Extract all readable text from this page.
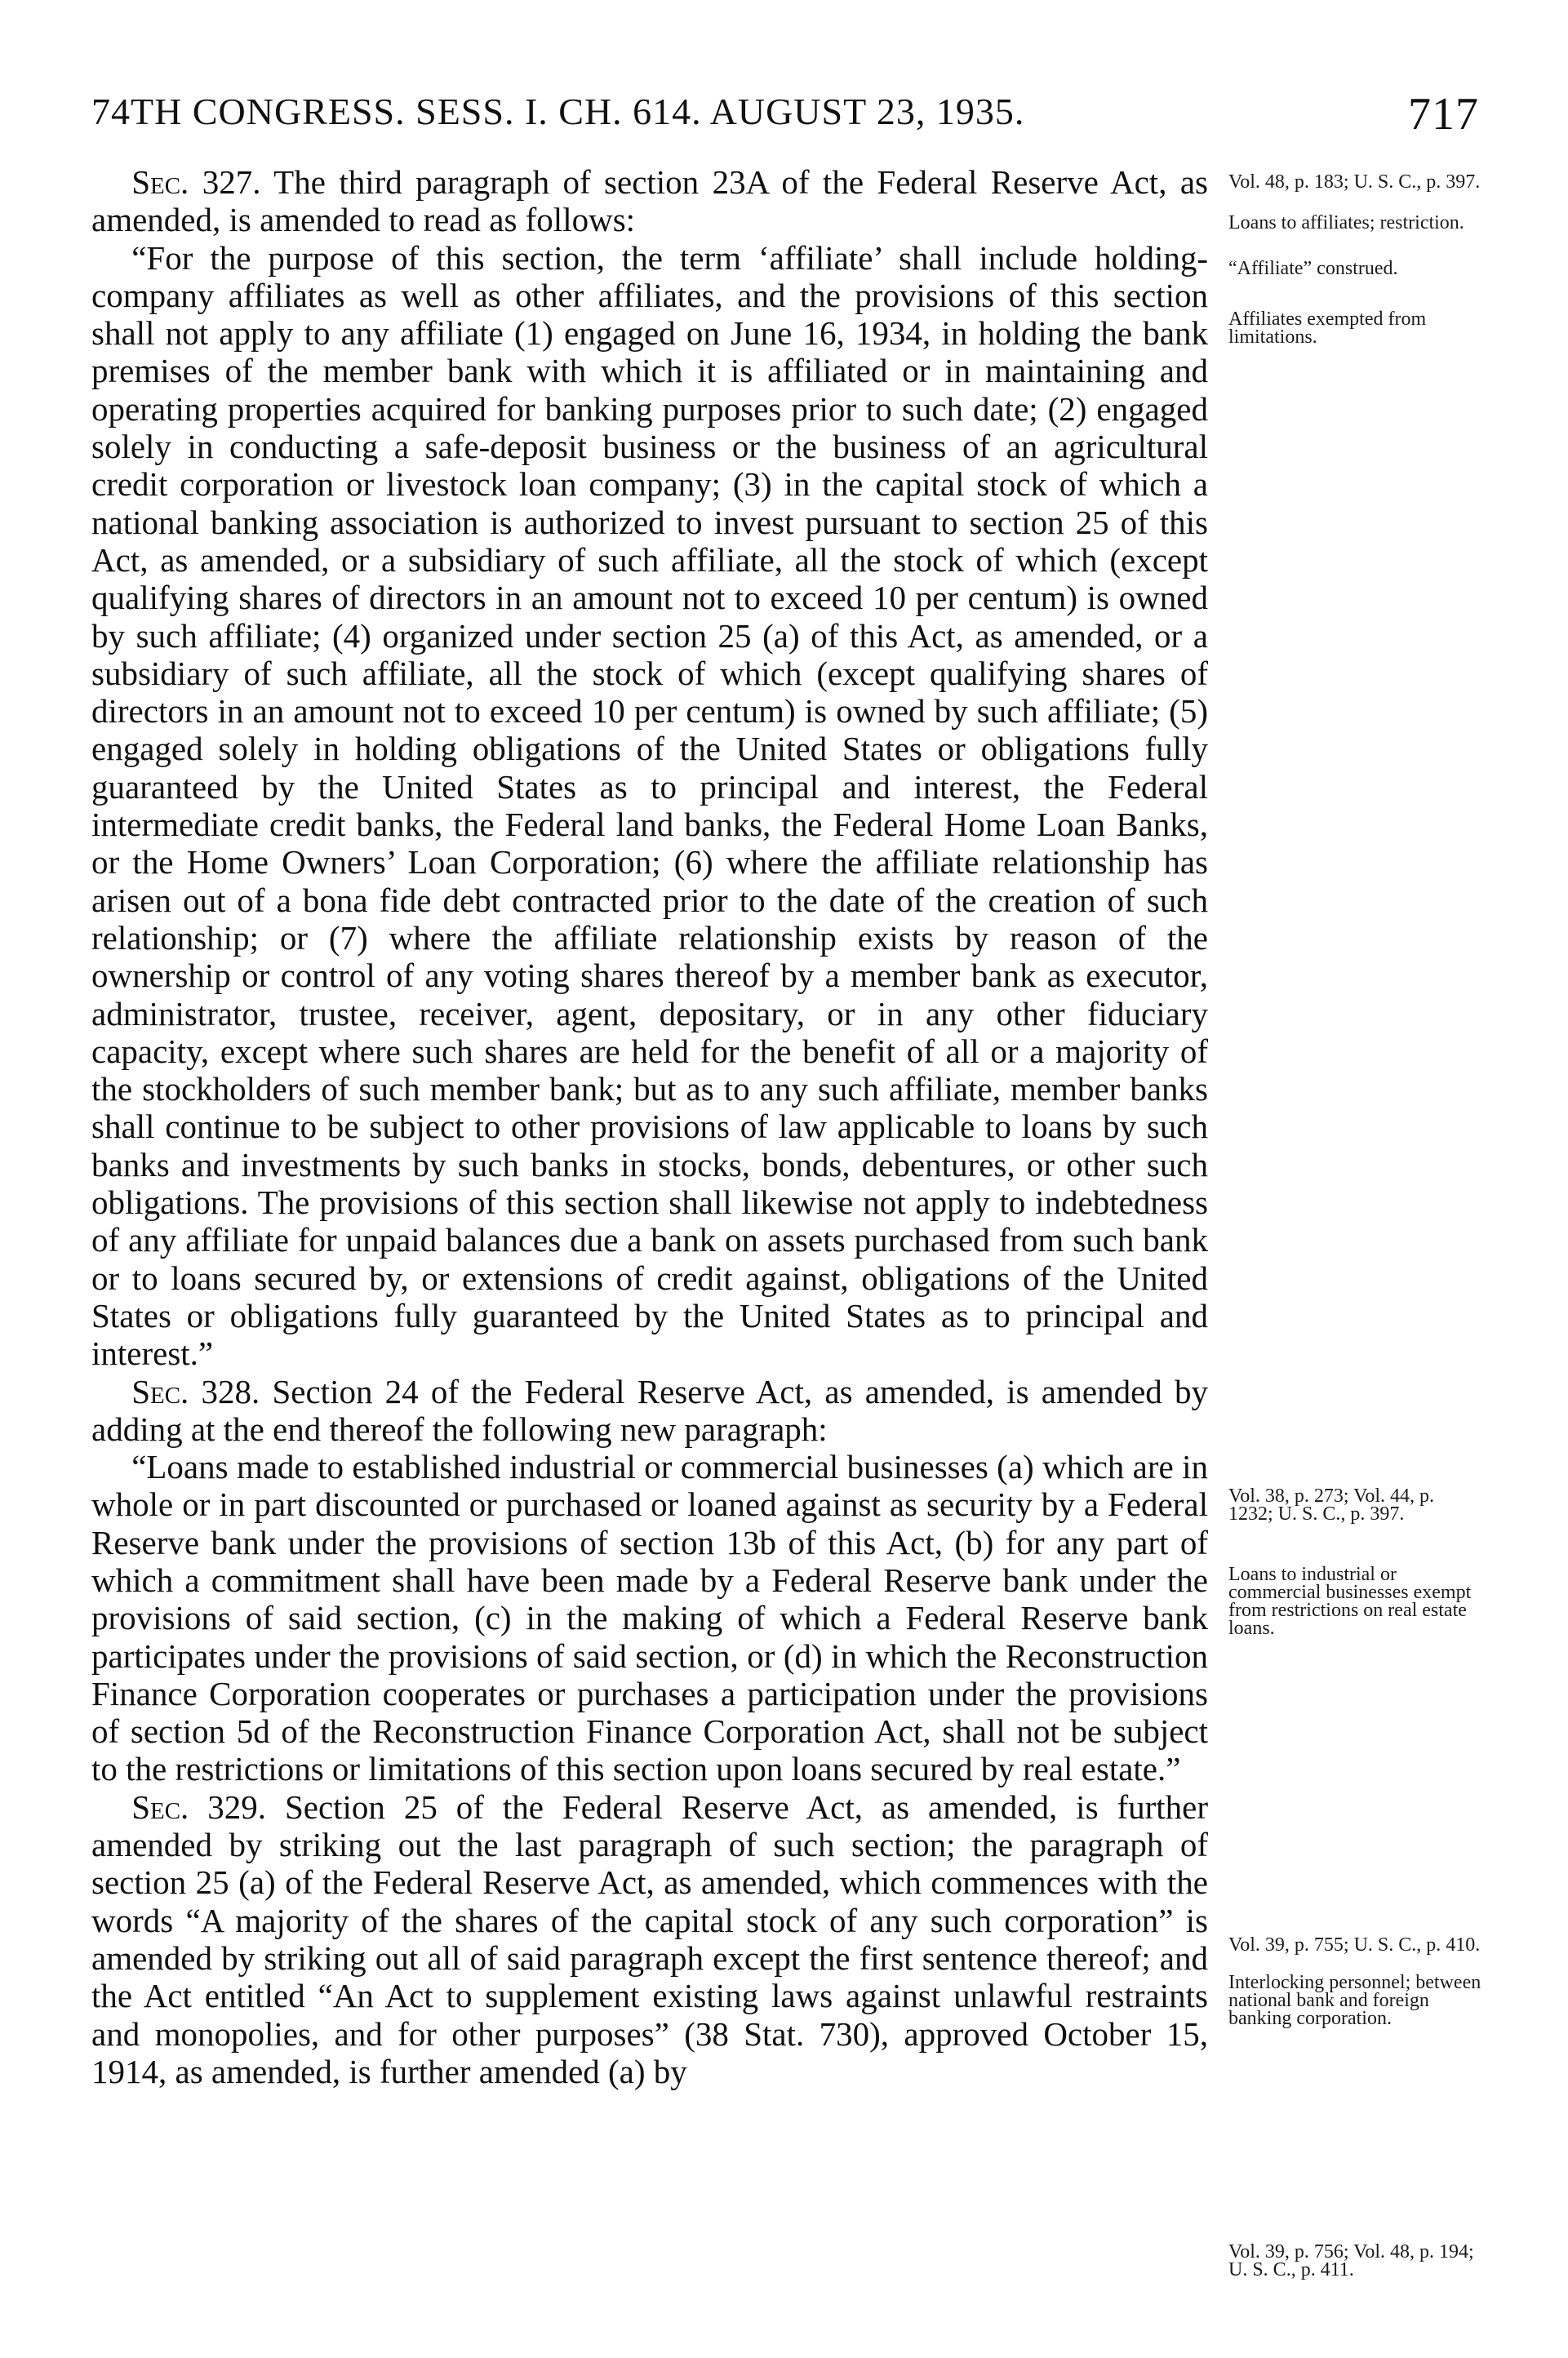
74TH CONGRESS. SESS. I. CH. 614. AUGUST 23, 1935.	717

Sec. 327. The third paragraph of section 23A of the Federal Reserve Act, as amended, is amended to read as follows:

“For the purpose of this section, the term ‘affiliate’ shall include holding-company affiliates as well as other affiliates, and the provisions of this section shall not apply to any affiliate (1) engaged on June 16, 1934, in holding the bank premises of the member bank with which it is affiliated or in maintaining and operating properties acquired for banking purposes prior to such date; (2) engaged solely in conducting a safe-deposit business or the business of an agricultural credit corporation or livestock loan company; (3) in the capital stock of which a national banking association is authorized to invest pursuant to section 25 of this Act, as amended, or a subsidiary of such affiliate, all the stock of which (except qualifying shares of directors in an amount not to exceed 10 per centum) is owned by such affiliate; (4) organized under section 25 (a) of this Act, as amended, or a subsidiary of such affiliate, all the stock of which (except qualifying shares of directors in an amount not to exceed 10 per centum) is owned by such affiliate; (5) engaged solely in holding obligations of the United States or obligations fully guaranteed by the United States as to principal and interest, the Federal intermediate credit banks, the Federal land banks, the Federal Home Loan Banks, or the Home Owners’ Loan Corporation; (6) where the affiliate relationship has arisen out of a bona fide debt contracted prior to the date of the creation of such relationship; or (7) where the affiliate relationship exists by reason of the ownership or control of any voting shares thereof by a member bank as executor, administrator, trustee, receiver, agent, depositary, or in any other fiduciary capacity, except where such shares are held for the benefit of all or a majority of the stockholders of such member bank; but as to any such affiliate, member banks shall continue to be subject to other provisions of law applicable to loans by such banks and investments by such banks in stocks, bonds, debentures, or other such obligations. The provisions of this section shall likewise not apply to indebtedness of any affiliate for unpaid balances due a bank on assets purchased from such bank or to loans secured by, or extensions of credit against, obligations of the United States or obligations fully guaranteed by the United States as to principal and interest.”

Sec. 328. Section 24 of the Federal Reserve Act, as amended, is amended by adding at the end thereof the following new paragraph:

“Loans made to established industrial or commercial businesses (a) which are in whole or in part discounted or purchased or loaned against as security by a Federal Reserve bank under the provisions of section 13b of this Act, (b) for any part of which a commitment shall have been made by a Federal Reserve bank under the provisions of said section, (c) in the making of which a Federal Reserve bank participates under the provisions of said section, or (d) in which the Reconstruction Finance Corporation cooperates or purchases a participation under the provisions of section 5d of the Reconstruction Finance Corporation Act, shall not be subject to the restrictions or limitations of this section upon loans secured by real estate.”

Sec. 329. Section 25 of the Federal Reserve Act, as amended, is further amended by striking out the last paragraph of such section; the paragraph of section 25 (a) of the Federal Reserve Act, as amended, which commences with the words “A majority of the shares of the capital stock of any such corporation” is amended by striking out all of said paragraph except the first sentence thereof; and the Act entitled “An Act to supplement existing laws against unlawful restraints and monopolies, and for other purposes” (38 Stat. 730), approved October 15, 1914, as amended, is further amended (a) by

Vol. 48, p. 183; U. S. C., p. 397.

Loans to affiliates; restriction.

“Affiliate” construed.

Affiliates exempted from limitations.

Vol. 38, p. 273; Vol. 44, p. 1232; U. S. C., p. 397.

Loans to industrial or commercial businesses exempt from restrictions on real estate loans.

Vol. 39, p. 755; U. S. C., p. 410.

Interlocking personnel; between national bank and foreign banking corporation.

Vol. 39, p. 756; Vol. 48, p. 194; U. S. C., p. 411.
